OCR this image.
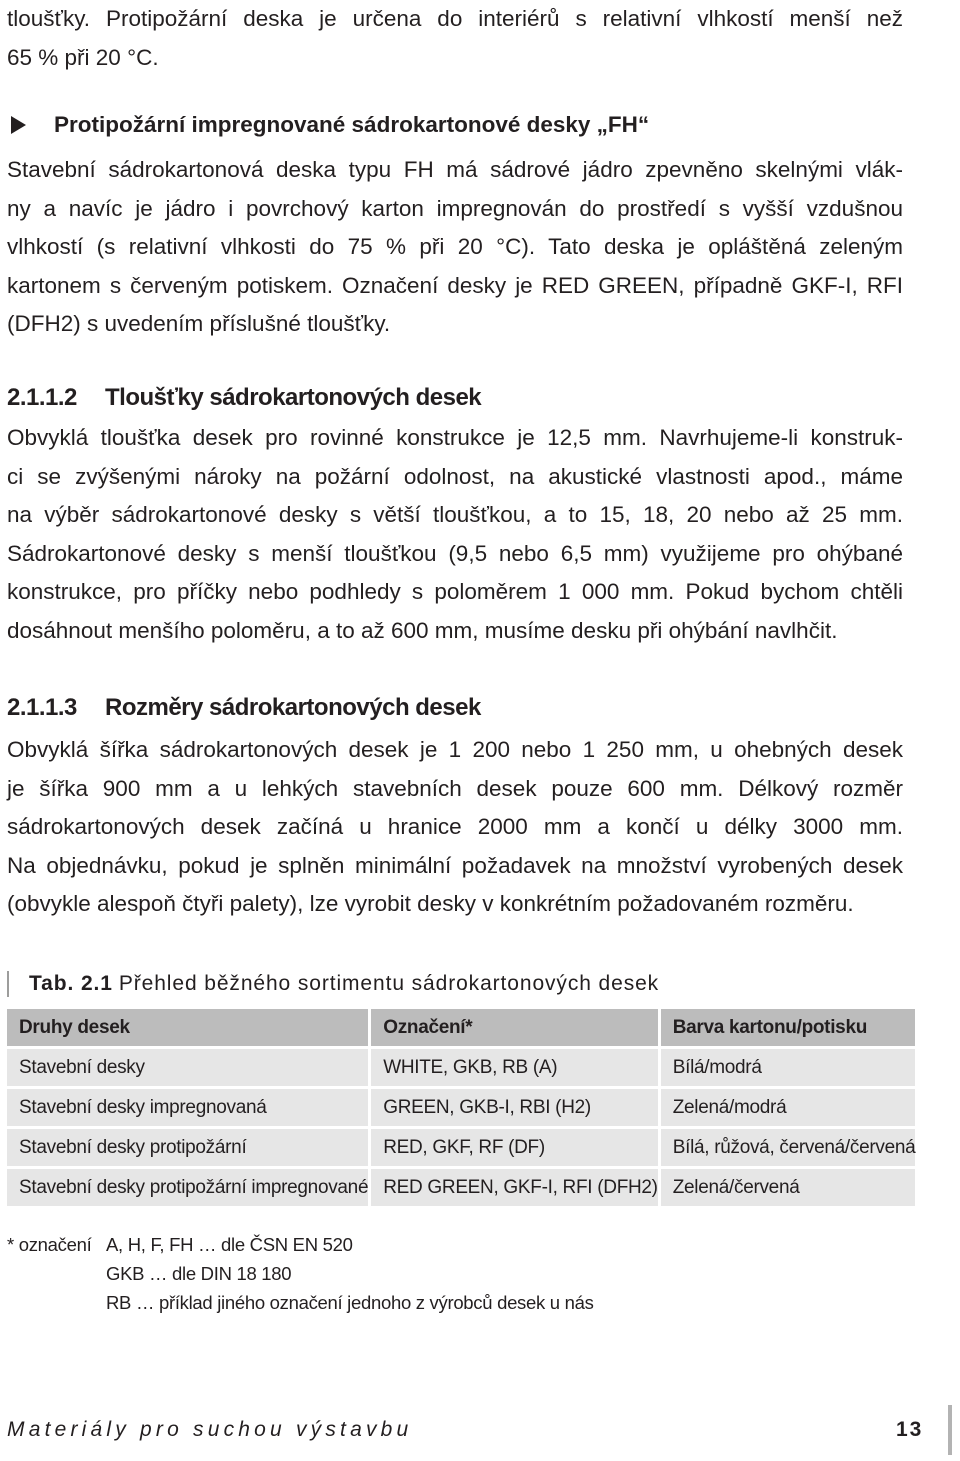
tloušťky. Protipožární deska je určena do interiérů s relativní vlhkostí menší než
65 % při 20 °C.
Protipožární impregnované sádrokartonové desky „FH“
Stavební sádrokartonová deska typu FH má sádrové jádro zpevněno skelnými vlák-
ny a navíc je jádro i povrchový karton impregnován do prostředí s vyšší vzdušnou
vlhkostí (s relativní vlhkosti do 75 % při 20 °C). Tato deska je opláštěná zeleným
kartonem s červeným potiskem. Označení desky je RED GREEN, případně GKF-I, RFI
(DFH2) s uvedením příslušné tloušťky.
2.1.1.2 Tloušťky sádrokartonových desek
Obvyklá tloušťka desek pro rovinné konstrukce je 12,5 mm. Navrhujeme-li konstruk-
ci se zvýšenými nároky na požární odolnost, na akustické vlastnosti apod., máme
na výběr sádrokartonové desky s větší tloušťkou, a to 15, 18, 20 nebo až 25 mm.
Sádrokartonové desky s menší tloušťkou (9,5 nebo 6,5 mm) využijeme pro ohýbané
konstrukce, pro příčky nebo podhledy s poloměrem 1 000 mm. Pokud bychom chtěli
dosáhnout menšího poloměru, a to až 600 mm, musíme desku při ohýbání navlhčit.
2.1.1.3 Rozměry sádrokartonových desek
Obvyklá šířka sádrokartonových desek je 1 200 nebo 1 250 mm, u ohebných desek
je šířka 900 mm a u lehkých stavebních desek pouze 600 mm. Délkový rozměr
sádrokartonových desek začíná u hranice 2000 mm a končí u délky 3000 mm.
Na objednávku, pokud je splněn minimální požadavek na množství vyrobených desek
(obvykle alespoň čtyři palety), lze vyrobit desky v konkrétním požadovaném rozměru.
Tab. 2.1 Přehled běžného sortimentu sádrokartonových desek
Druhy desek	Označení*	Barva kartonu/potisku
Stavební desky	WHITE, GKB, RB (A)	Bílá/modrá
Stavební desky impregnovaná	GREEN, GKB-I, RBI (H2)	Zelená/modrá
Stavební desky protipožární	RED, GKF, RF (DF)	Bílá, růžová, červená/červená
Stavební desky protipožární impregnované	RED GREEN, GKF-I, RFI (DFH2)	Zelená/červená
* označení A, H, F, FH … dle ČSN EN 520
GKB … dle DIN 18 180
RB … příklad jiného označení jednoho z výrobců desek u nás
Materiály pro suchou výstavbu	13
